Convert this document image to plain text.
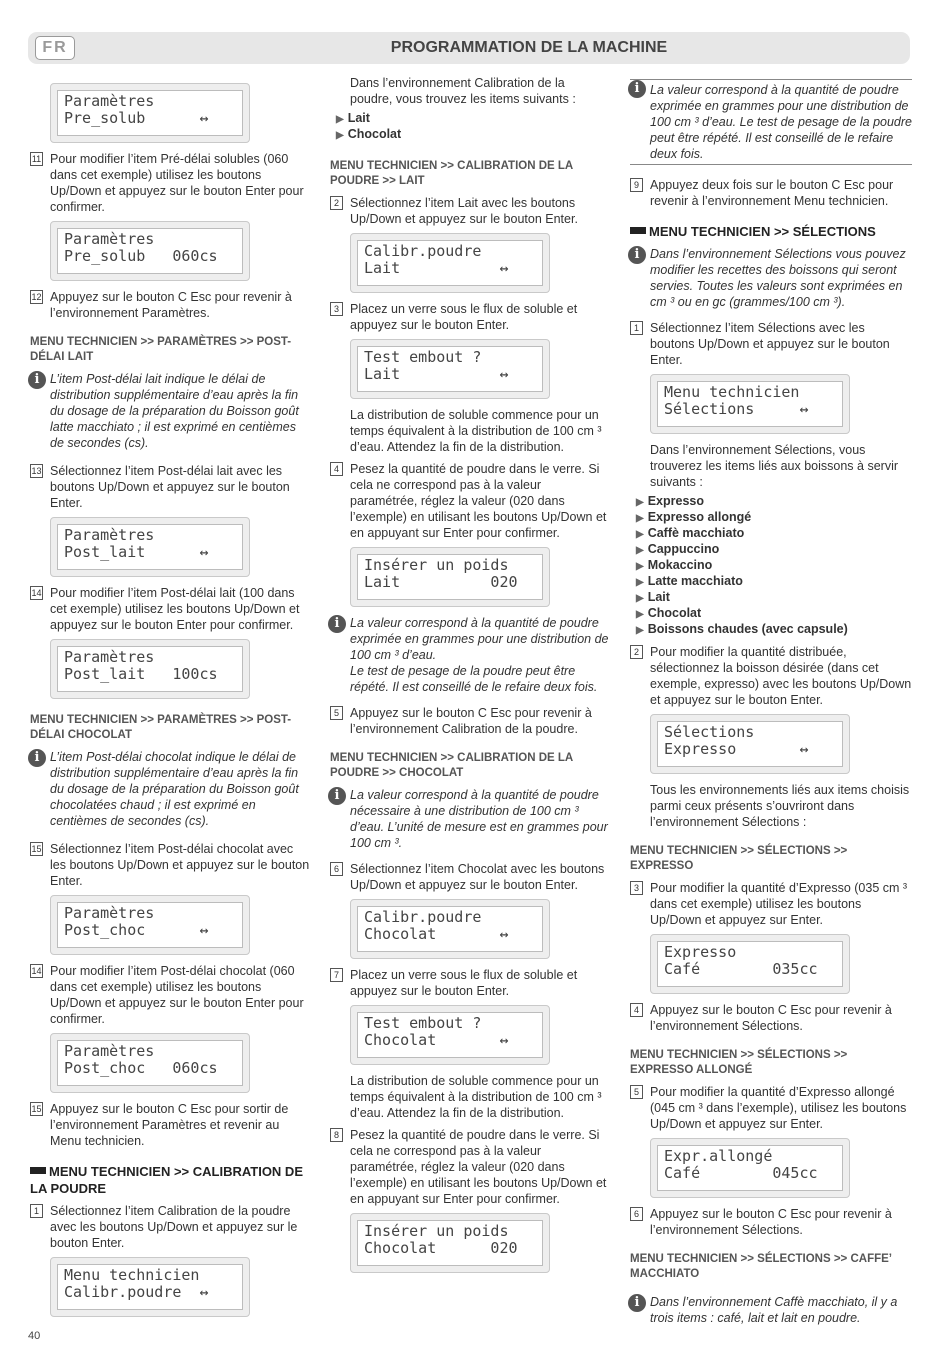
FR	PROGRAMMATION DE LA MACHINE
Paramètres
Pre_solub      ↔
11 Pour modifier l’item Pré-délai solubles (060 dans cet exemple) utilisez les boutons Up/Down et appuyez sur le bouton Enter pour confirmer.

Paramètres
Pre_solub   060cs
12 Appuyez sur le bouton C Esc pour revenir à l’environnement Paramètres.

MENU TECHNICIEN >> PARAMÈTRES >> POST- DÉLAI LAIT
i L’item Post-délai lait indique le délai de distribution supplémentaire d’eau après la fin du dosage de la préparation du Boisson goût latte macchiato ; il est exprimé en centièmes de secondes (cs).

13 Sélectionnez l’item Post-délai lait avec les boutons Up/Down et appuyez sur le bouton Enter.

Paramètres
Post_lait      ↔
14 Pour modifier l’item Post-délai lait (100 dans cet exemple) utilisez les boutons Up/Down et appuyez sur le bouton Enter pour confirmer.

Paramètres
Post_lait   100cs
MENU TECHNICIEN >> PARAMÈTRES >> POST-DÉLAI CHOCOLAT
i L’item Post-délai chocolat indique le délai de distribution supplémentaire d’eau après la fin du dosage de la préparation du Boisson goût chocolatées chaud ; il est exprimé en centièmes de secondes (cs).

15 Sélectionnez l’item Post-délai chocolat avec les boutons Up/Down et appuyez sur le bouton Enter.

Paramètres
Post_choc      ↔
14 Pour modifier l’item Post-délai chocolat (060 dans cet exemple) utilisez les boutons Up/Down et appuyez sur le bouton Enter pour confirmer.

Paramètres
Post_choc   060cs
15 Appuyez sur le bouton C Esc pour sortir de l’environnement Paramètres et revenir au Menu technicien.

MENU TECHNICIEN >> CALIBRATION DE LA POUDRE
1 Sélectionnez l’item Calibration de la poudre avec les boutons Up/Down et appuyez sur le bouton Enter.

Menu technicien
Calibr.poudre  ↔

Dans l’environnement Calibration de la poudre, vous trouvez les items suivants :

▶ Lait
▶ Chocolat
MENU TECHNICIEN >> CALIBRATION DE LA POUDRE >> LAIT
2 Sélectionnez l’item Lait avec les boutons Up/Down et appuyez sur le bouton Enter.

Calibr.poudre
Lait           ↔
3 Placez un verre sous le flux de soluble et appuyez sur le bouton Enter.

Test embout ?
Lait           ↔

La distribution de soluble commence pour un temps équivalent à la distribution de 100 cm ³ d’eau. Attendez la fin de la distribution.

4 Pesez la quantité de poudre dans le verre. Si cela ne correspond pas à la valeur paramétrée, réglez la valeur (020 dans l’exemple) en utilisant les boutons Up/Down et en appuyant sur Enter pour confirmer.

Insérer un poids
Lait          020
i La valeur correspond à la quantité de poudre exprimée en grammes pour une distribution de 100 cm ³ d’eau.

Le test de pesage de la poudre peut être répété. Il est conseillé de le refaire deux fois.

5 Appuyez sur le bouton C Esc pour revenir à l’environnement Calibration de la poudre.

MENU TECHNICIEN >> CALIBRATION DE LA POUDRE >> CHOCOLAT
i La valeur correspond à la quantité de poudre nécessaire à une distribution de 100 cm ³ d’eau. L’unité de mesure est en grammes pour 100 cm ³.

6 Sélectionnez l’item Chocolat avec les boutons Up/Down et appuyez sur le bouton Enter.

Calibr.poudre
Chocolat       ↔
7 Placez un verre sous le flux de soluble et appuyez sur le bouton Enter.

Test embout ?
Chocolat       ↔

La distribution de soluble commence pour un temps équivalent à la distribution de 100 cm ³ d’eau. Attendez la fin de la distribution.

8 Pesez la quantité de poudre dans le verre. Si cela ne correspond pas à la valeur paramétrée, réglez la valeur (020 dans l’exemple) en utilisant les boutons Up/Down et en appuyant sur Enter pour confirmer.

Insérer un poids
Chocolat      020
i La valeur correspond à la quantité de poudre exprimée en grammes pour une distribution de 100 cm ³ d’eau. Le test de pesage de la poudre peut être répété. Il est conseillé de le refaire deux fois.

9 Appuyez deux fois sur le bouton C Esc pour revenir à l’environnement Menu technicien.

MENU TECHNICIEN >> SÉLECTIONS
i Dans l’environnement Sélections vous pouvez modifier les recettes des boissons qui seront servies. Toutes les valeurs sont exprimées en cm ³ ou en gc (grammes/100 cm ³).

1 Sélectionnez l’item Sélections avec les boutons Up/Down et appuyez sur le bouton Enter.

Menu technicien
Sélections     ↔

Dans l’environnement Sélections, vous trouverez les items liés aux boissons à servir suivants :

▶ Expresso
▶ Expresso allongé
▶ Caffè macchiato
▶ Cappuccino
▶ Mokaccino
▶ Latte macchiato
▶ Lait
▶ Chocolat
▶ Boissons chaudes (avec capsule)
2 Pour modifier la quantité distribuée, sélectionnez la boisson désirée (dans cet exemple, expresso) avec les boutons Up/Down et appuyez sur le bouton Enter.

Sélections
Expresso       ↔

Tous les environnements liés aux items choisis parmi ceux présents s’ouvriront dans l’environnement Sélections :

MENU TECHNICIEN >> SÉLECTIONS >> EXPRESSO
3 Pour modifier la quantité d’Expresso (035 cm ³ dans cet exemple) utilisez les boutons Up/Down et appuyez sur Enter.

Expresso
Café        035cc
4 Appuyez sur le bouton C Esc pour revenir à l’environnement Sélections.

MENU TECHNICIEN >> SÉLECTIONS >> EXPRESSO ALLONGÉ
5 Pour modifier la quantité d’Expresso allongé (045 cm ³ dans l’exemple), utilisez les boutons Up/Down et appuyez sur Enter.

Expr.allongé
Café        045cc
6 Appuyez sur le bouton C Esc pour revenir à l’environnement Sélections.

MENU TECHNICIEN >> SÉLECTIONS >> CAFFE’ MACCHIATO
i Dans l’environnement Caffè macchiato, il y a trois items : café, lait et lait en poudre.

40
